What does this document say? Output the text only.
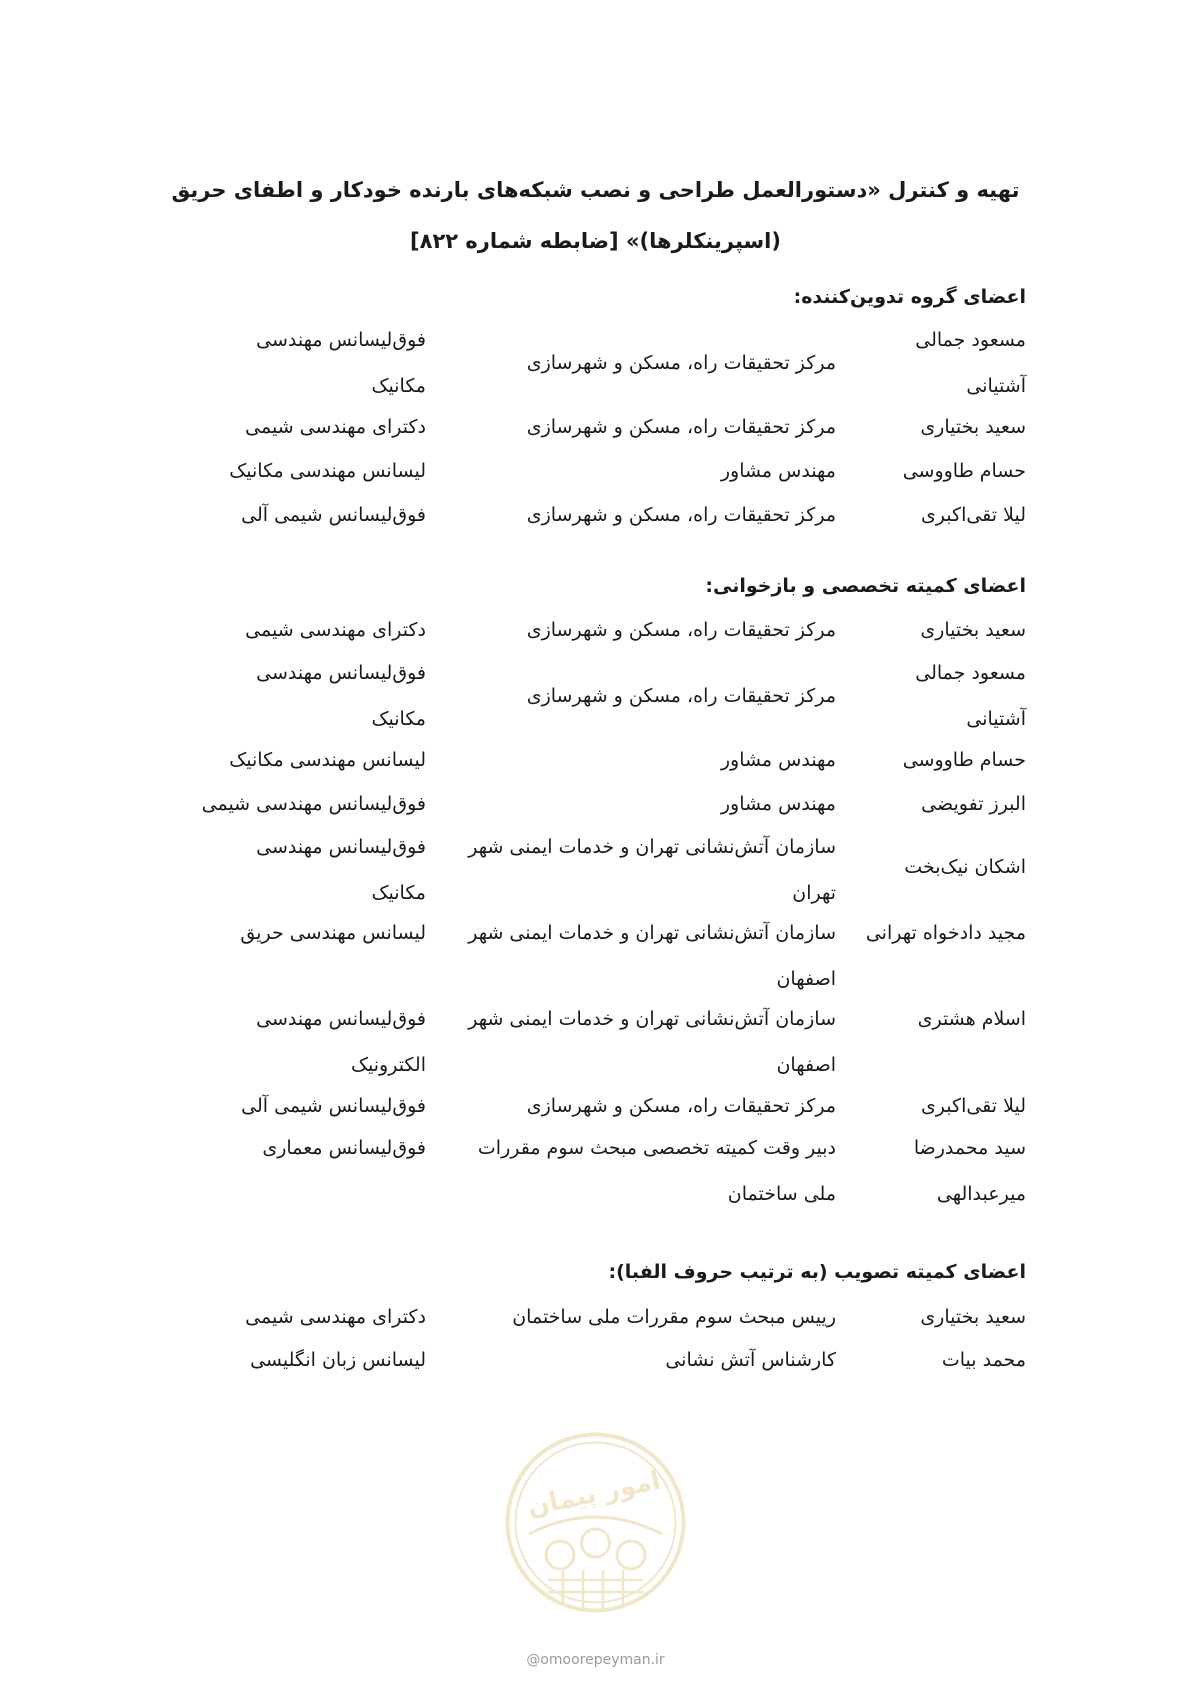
تهیه و کنترل «دستورالعمل طراحی و نصب شبکه‌های بارنده خودکار و اطفای حریق
(اسپرینکلرها)» [ضابطه شماره ۸۲۲]
اعضای گروه تدوین‌کننده:
مسعود جمالی
آشتیانی
مرکز تحقیقات راه، مسکن و شهرسازی
فوق‌لیسانس مهندسی
مکانیک
سعید بختیاری
مرکز تحقیقات راه، مسکن و شهرسازی
دکترای مهندسی شیمی
حسام طاووسی
مهندس مشاور
لیسانس مهندسی مکانیک
لیلا تقی‌اکبری
مرکز تحقیقات راه، مسکن و شهرسازی
فوق‌لیسانس شیمی آلی
اعضای کمیته تخصصی و بازخوانی:
سعید بختیاری
مرکز تحقیقات راه، مسکن و شهرسازی
دکترای مهندسی شیمی
مسعود جمالی
آشتیانی
مرکز تحقیقات راه، مسکن و شهرسازی
فوق‌لیسانس مهندسی
مکانیک
حسام طاووسی
مهندس مشاور
لیسانس مهندسی مکانیک
البرز تفویضی
مهندس مشاور
فوق‌لیسانس مهندسی شیمی
اشکان نیک‌بخت
سازمان آتش‌نشانی تهران و خدمات ایمنی شهر
تهران
فوق‌لیسانس مهندسی
مکانیک
مجید دادخواه تهرانی
سازمان آتش‌نشانی تهران و خدمات ایمنی شهر
اصفهان
لیسانس مهندسی حریق
اسلام هشتری
سازمان آتش‌نشانی تهران و خدمات ایمنی شهر
اصفهان
فوق‌لیسانس مهندسی
الکترونیک
لیلا تقی‌اکبری
مرکز تحقیقات راه، مسکن و شهرسازی
فوق‌لیسانس شیمی آلی
سید محمدرضا
میرعبدالهی
دبیر وقت کمیته تخصصی مبحث سوم مقررات
ملی ساختمان
فوق‌لیسانس معماری
اعضای کمیته تصویب (به ترتیب حروف الفبا):
سعید بختیاری
رییس مبحث سوم مقررات ملی ساختمان
دکترای مهندسی شیمی
محمد بیات
کارشناس آتش نشانی
لیسانس زبان انگلیسی
امور پیمان
@omoorepeyman.ir
